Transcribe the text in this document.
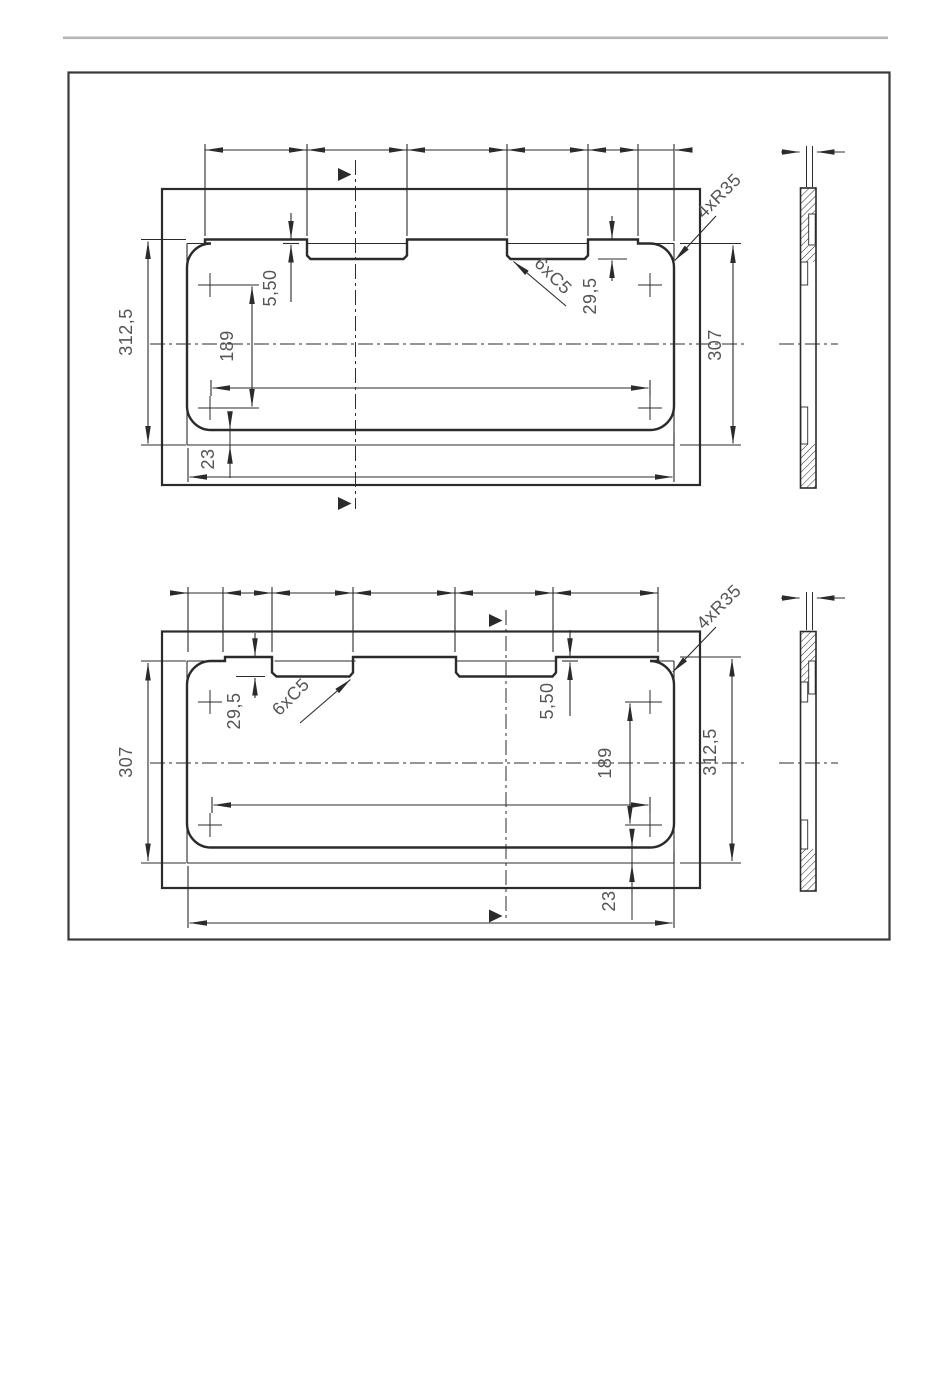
312,5	189
5,50	29,5
307
23
4xR35
6xC5
307
29,5 6xC5	5,50
189	312,5
4xR35
23
